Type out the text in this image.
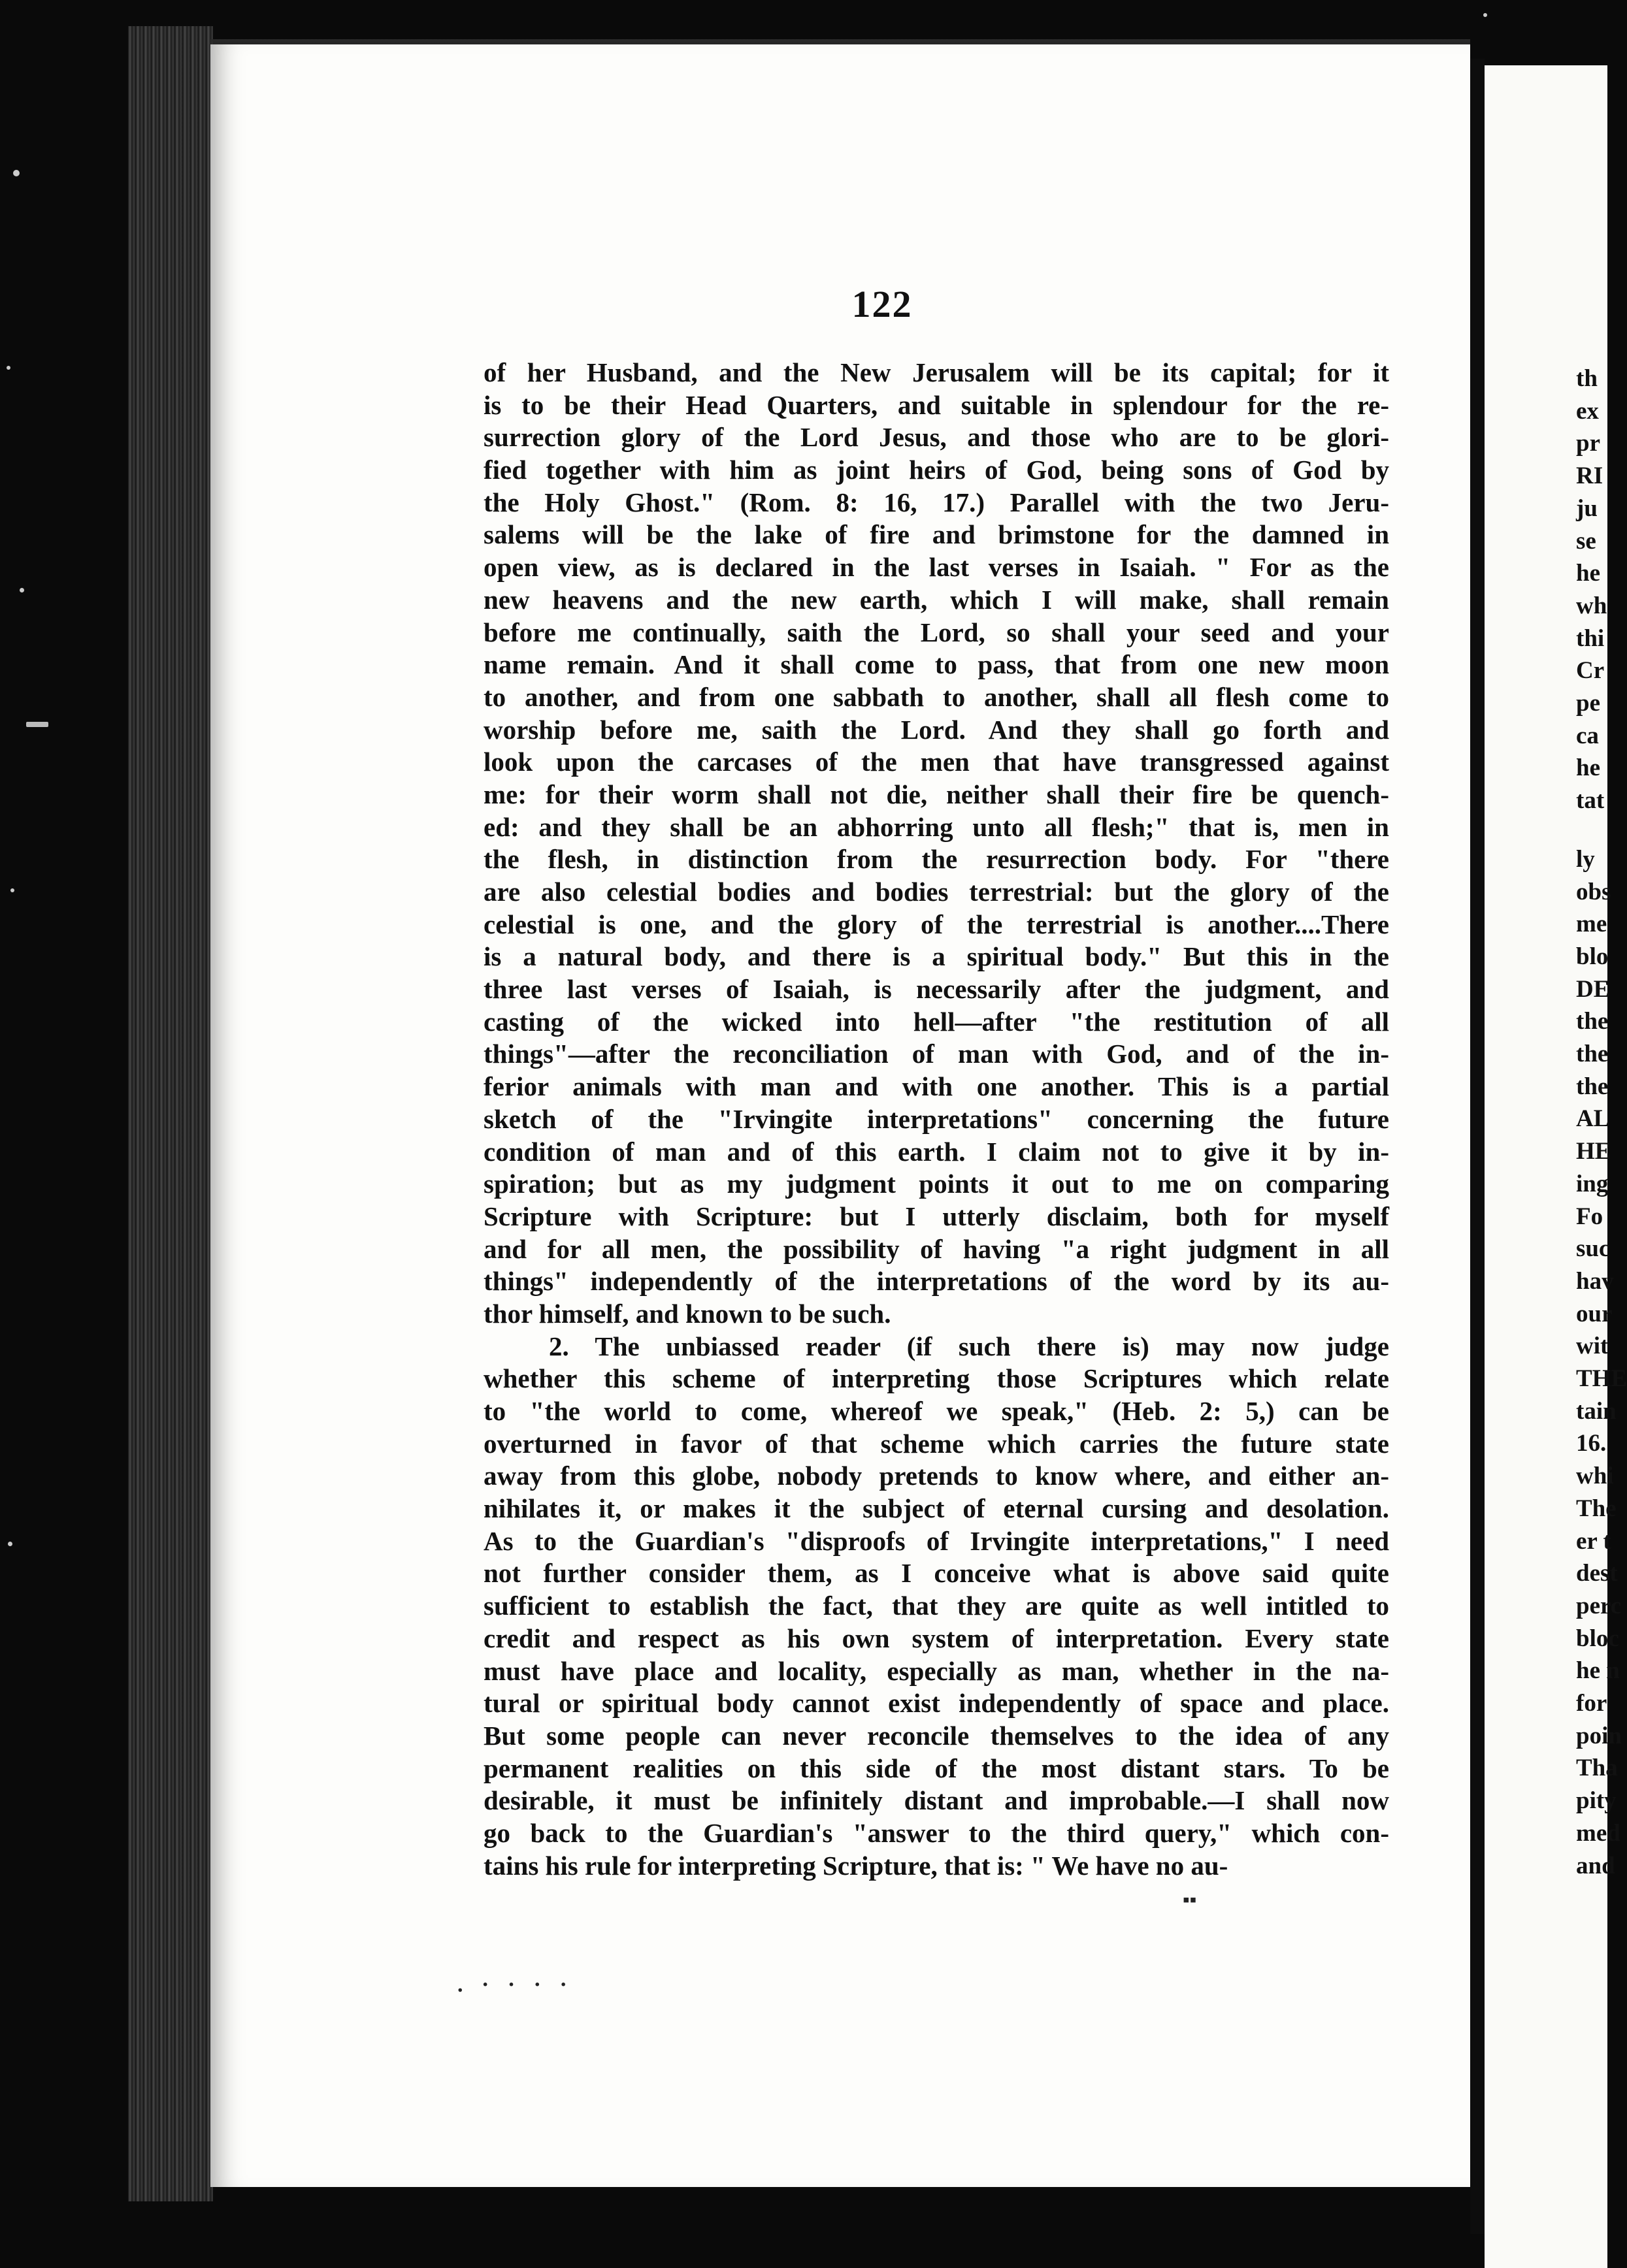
122
of her Husband, and the New Jerusalem will be its capital; for it
is to be their Head Quarters, and suitable in splendour for the re-
surrection glory of the Lord Jesus, and those who are to be glori-
fied together with him as joint heirs of God, being sons of God by
the Holy Ghost." (Rom. 8: 16, 17.) Parallel with the two Jeru-
salems will be the lake of fire and brimstone for the damned in
open view, as is declared in the last verses in Isaiah. " For as the
new heavens and the new earth, which I will make, shall remain
before me continually, saith the Lord, so shall your seed and your
name remain. And it shall come to pass, that from one new moon
to another, and from one sabbath to another, shall all flesh come to
worship before me, saith the Lord. And they shall go forth and
look upon the carcases of the men that have transgressed against
me: for their worm shall not die, neither shall their fire be quench-
ed: and they shall be an abhorring unto all flesh;" that is, men in
the flesh, in distinction from the resurrection body. For "there
are also celestial bodies and bodies terrestrial: but the glory of the
celestial is one, and the glory of the terrestrial is another....There
is a natural body, and there is a spiritual body." But this in the
three last verses of Isaiah, is necessarily after the judgment, and
casting of the wicked into hell—after "the restitution of all
things"—after the reconciliation of man with God, and of the in-
ferior animals with man and with one another. This is a partial
sketch of the "Irvingite interpretations" concerning the future
condition of man and of this earth. I claim not to give it by in-
spiration; but as my judgment points it out to me on comparing
Scripture with Scripture: but I utterly disclaim, both for myself
and for all men, the possibility of having "a right judgment in all
things" independently of the interpretations of the word by its au-
thor himself, and known to be such.
2. The unbiassed reader (if such there is) may now judge
whether this scheme of interpreting those Scriptures which relate
to "the world to come, whereof we speak," (Heb. 2: 5,) can be
overturned in favor of that scheme which carries the future state
away from this globe, nobody pretends to know where, and either an-
nihilates it, or makes it the subject of eternal cursing and desolation.
As to the Guardian's "disproofs of Irvingite interpretations," I need
not further consider them, as I conceive what is above said quite
sufficient to establish the fact, that they are quite as well intitled to
credit and respect as his own system of interpretation. Every state
must have place and locality, especially as man, whether in the na-
tural or spiritual body cannot exist independently of space and place.
But some people can never reconcile themselves to the idea of any
permanent realities on this side of the most distant stars. To be
desirable, it must be infinitely distant and improbable.—I shall now
go back to the Guardian's "answer to the third query," which con-
tains his rule for interpreting Scripture, that is: " We have no au-
th
ex
pr
RI
ju
se
he
wh
thi
Cr
pe
ca
he
tat
ly
obs
me
blo
DE
the
the
the
AL
HE
ing
Fo
suc
hav
our
wit
THE
tain
16.
whi
The
er t
dest
perc
bloc
he n
for
poin
Tha
pity
med
and
. · · · ·
▪▪
